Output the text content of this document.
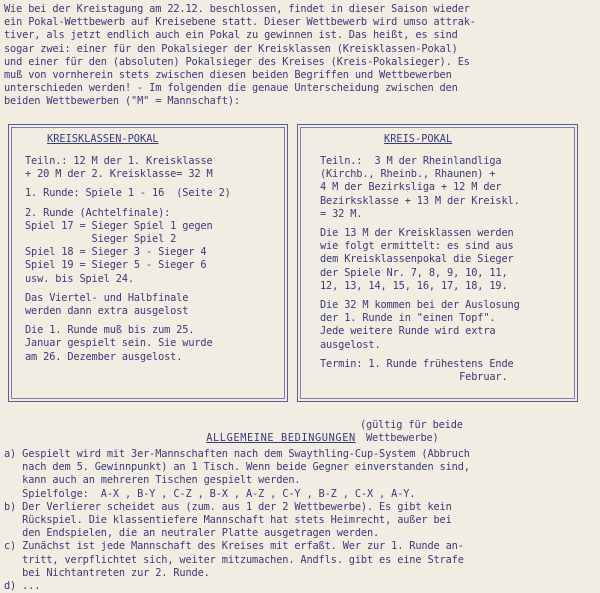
Wie bei der Kreistagung am 22.12. beschlossen, findet in dieser Saison wieder
ein Pokal-Wettbewerb auf Kreisebene statt. Dieser Wettbewerb wird umso attrak-
tiver, als jetzt endlich auch ein Pokal zu gewinnen ist. Das heißt, es sind
sogar zwei: einer für den Pokalsieger der Kreisklassen (Kreisklassen-Pokal)
und einer für den (absoluten) Pokalsieger des Kreises (Kreis-Pokalsieger). Es
muß von vornherein stets zwischen diesen beiden Begriffen und Wettbewerben
unterschieden werden! - Im folgenden die genaue Unterscheidung zwischen den
beiden Wettbewerben ("M" = Mannschaft):
KREISKLASSEN-POKAL
Teiln.: 12 M der 1. Kreisklasse
+ 20 M der 2. Kreisklasse= 32 M
1. Runde: Spiele 1 - 16  (Seite 2)
2. Runde (Achtelfinale):
Spiel 17 = Sieger Spiel 1 gegen
Sieger Spiel 2
Spiel 18 = Sieger 3 - Sieger 4
Spiel 19 = Sieger 5 - Sieger 6
usw. bis Spiel 24.
Das Viertel- und Halbfinale
werden dann extra ausgelost
Die 1. Runde muß bis zum 25.
Januar gespielt sein. Sie wurde
am 26. Dezember ausgelost.
KREIS-POKAL
Teiln.:  3 M der Rheinlandliga
(Kirchb., Rheinb., Rhaunen) +
4 M der Bezirksliga + 12 M der
Bezirksklasse + 13 M der Kreiskl.
= 32 M.
Die 13 M der Kreisklassen werden
wie folgt ermittelt: es sind aus
dem Kreisklassenpokal die Sieger
der Spiele Nr. 7, 8, 9, 10, 11,
12, 13, 14, 15, 16, 17, 18, 19.
Die 32 M kommen bei der Auslosung
der 1. Runde in "einen Topf".
Jede weitere Runde wird extra
ausgelost.
Termin: 1. Runde frühestens Ende
Februar.

ALLGEMEINE BEDINGUNGEN

(gültig für beide
Wettbewerbe)
a) Gespielt wird mit 3er-Mannschaften nach dem Swaythling-Cup-System (Abbruch
nach dem 5. Gewinnpunkt) an 1 Tisch. Wenn beide Gegner einverstanden sind,
kann auch an mehreren Tischen gespielt werden.
Spielfolge:  A-X , B-Y , C-Z , B-X , A-Z , C-Y , B-Z , C-X , A-Y.
b) Der Verlierer scheidet aus (zum. aus 1 der 2 Wettbewerbe). Es gibt kein
Rückspiel. Die klassentiefere Mannschaft hat stets Heimrecht, außer bei
den Endspielen, die an neutraler Platte ausgetragen werden.
c) Zunächst ist jede Mannschaft des Kreises mit erfaßt. Wer zur 1. Runde an-
tritt, verpflichtet sich, weiter mitzumachen. Andfls. gibt es eine Strafe
bei Nichtantreten zur 2. Runde.
d) ...
